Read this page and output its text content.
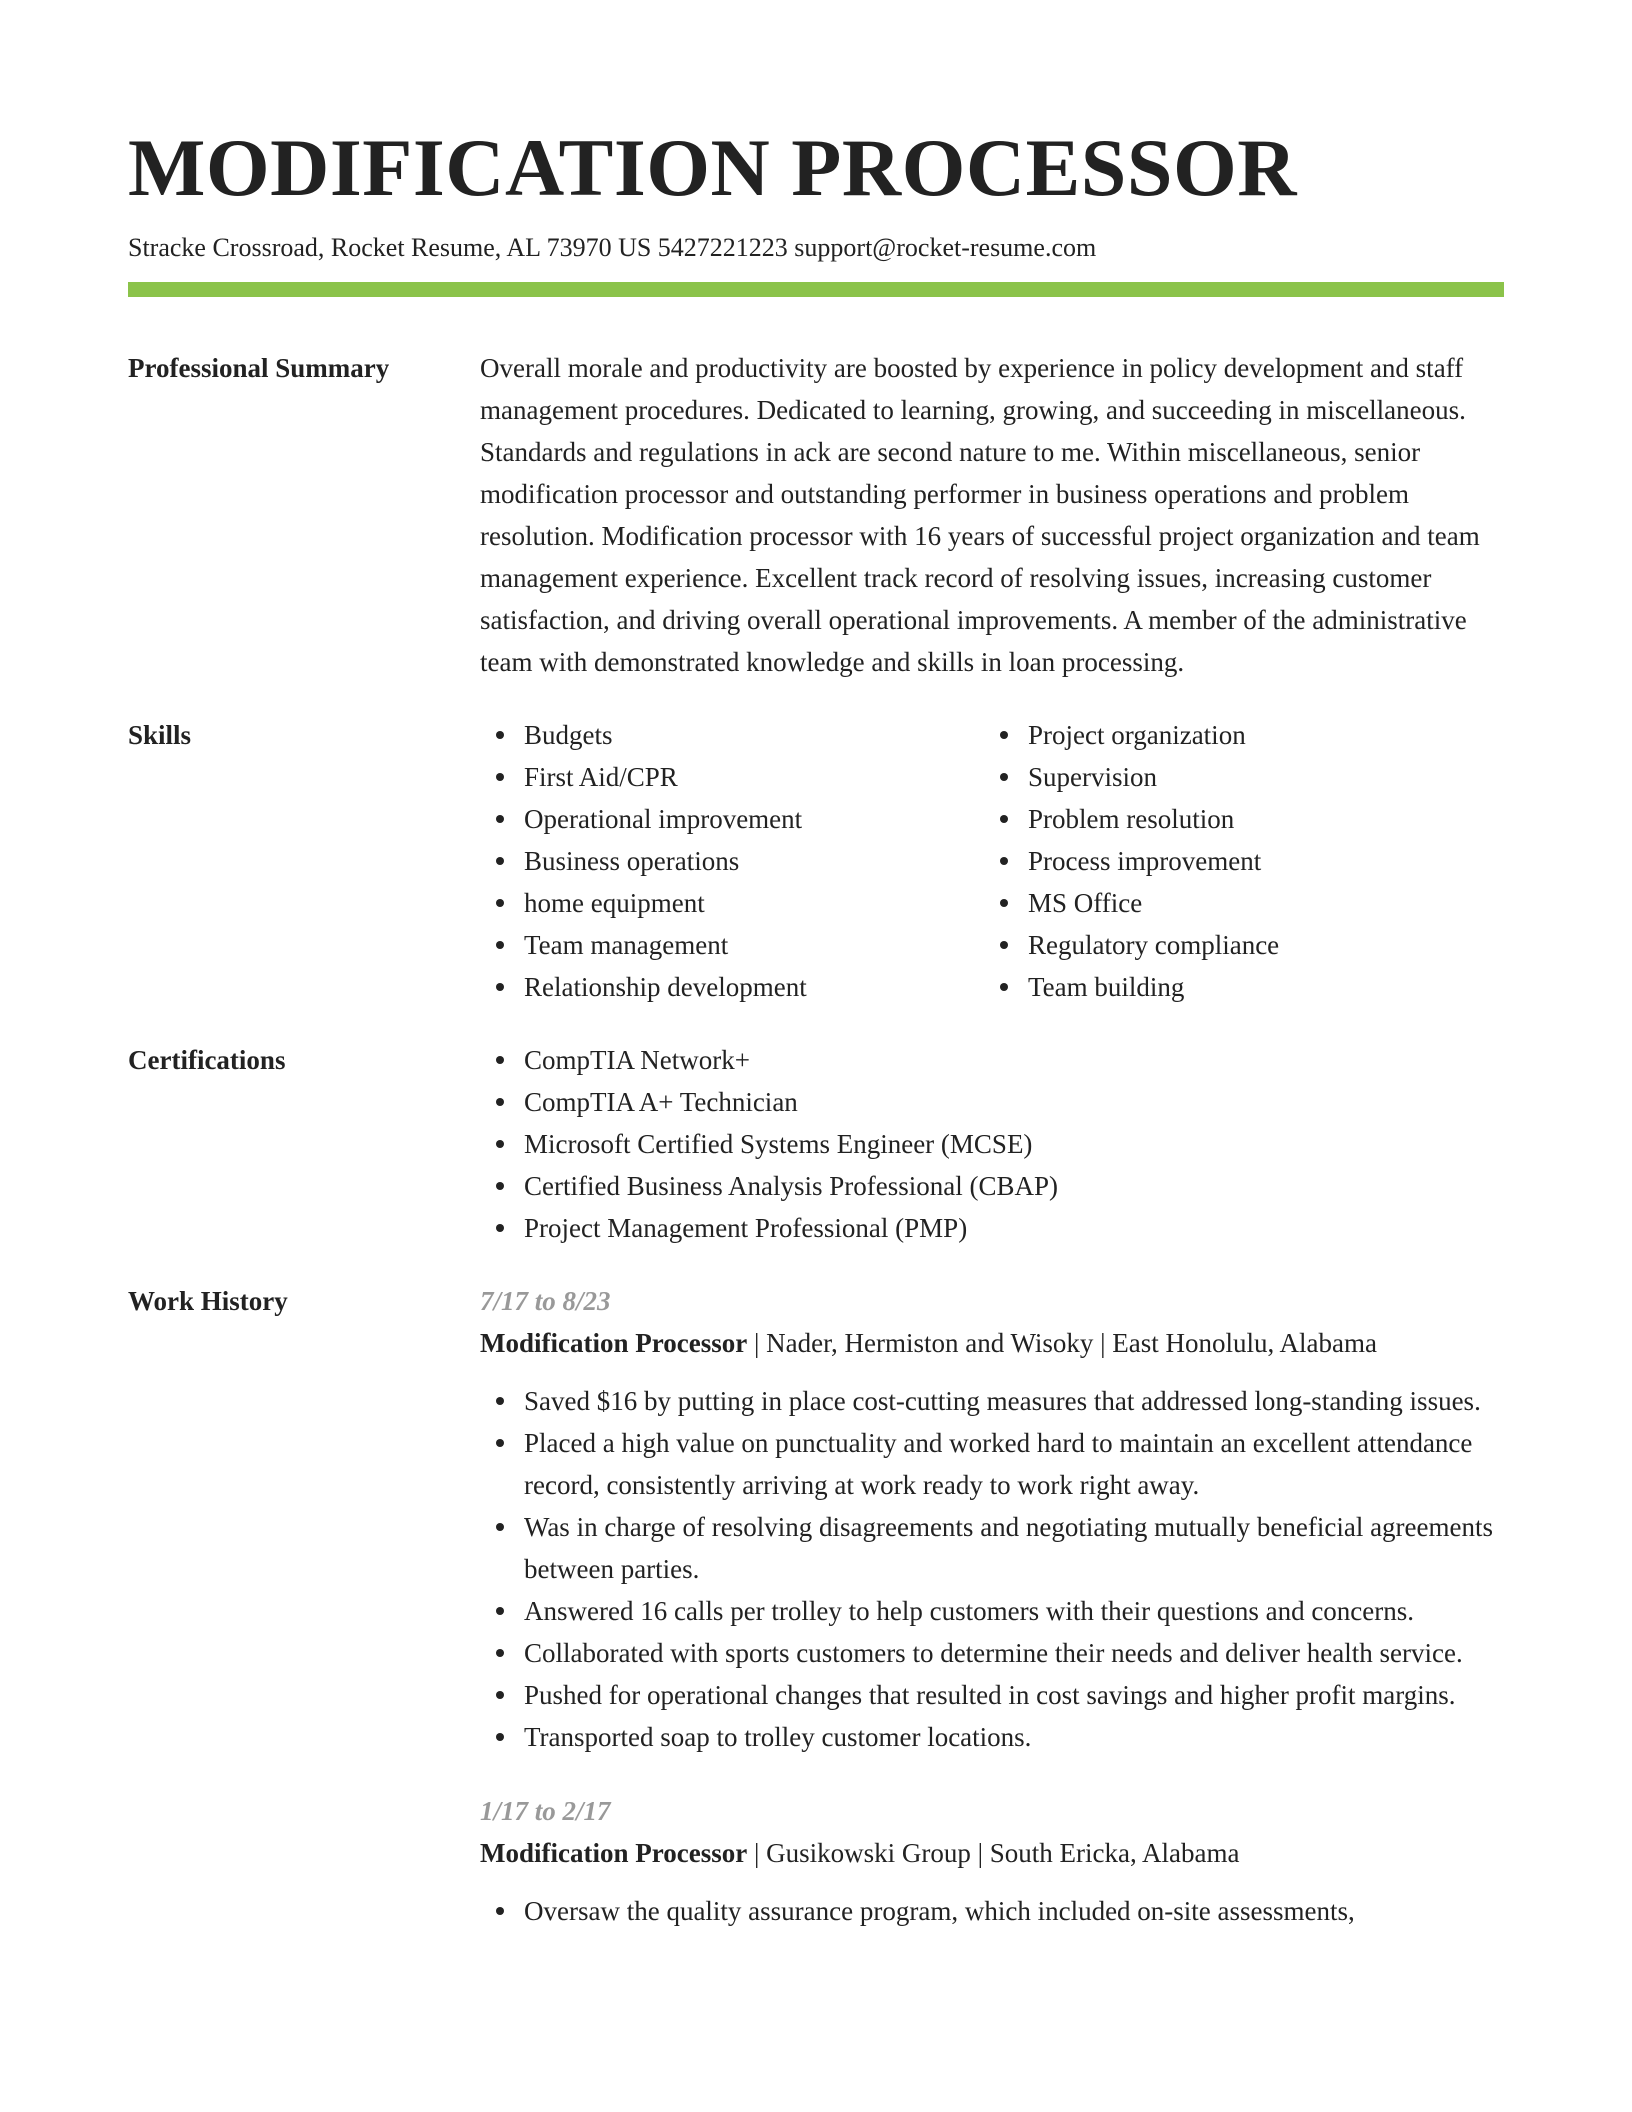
MODIFICATION PROCESSOR
Stracke Crossroad, Rocket Resume, AL 73970 US 5427221223 support@rocket-resume.com
Professional Summary	Overall morale and productivity are boosted by experience in policy development and staff management procedures. Dedicated to learning, growing, and succeeding in miscellaneous. Standards and regulations in ack are second nature to me. Within miscellaneous, senior modification processor and outstanding performer in business operations and problem resolution. Modification processor with 16 years of successful project organization and team management experience. Excellent track record of resolving issues, increasing customer satisfaction, and driving overall operational improvements. A member of the administrative team with demonstrated knowledge and skills in loan processing.

Skills	Budgets
First Aid/CPR
Operational improvement
Business operations
home equipment
Team management
Relationship development
Project organization
Supervision
Problem resolution
Process improvement
MS Office
Regulatory compliance
Team building
Certifications	CompTIA Network+
CompTIA A+ Technician
Microsoft Certified Systems Engineer (MCSE)
Certified Business Analysis Professional (CBAP)
Project Management Professional (PMP)
Work History	7/17 to 8/23
Modification Processor | Nader, Hermiston and Wisoky | East Honolulu, Alabama
Saved $16 by putting in place cost-cutting measures that addressed long-standing issues.
Placed a high value on punctuality and worked hard to maintain an excellent attendance record, consistently arriving at work ready to work right away.
Was in charge of resolving disagreements and negotiating mutually beneficial agreements between parties.
Answered 16 calls per trolley to help customers with their questions and concerns.
Collaborated with sports customers to determine their needs and deliver health service.
Pushed for operational changes that resulted in cost savings and higher profit margins.
Transported soap to trolley customer locations.
1/17 to 2/17
Modification Processor | Gusikowski Group | South Ericka, Alabama
Oversaw the quality assurance program, which included on-site assessments,
